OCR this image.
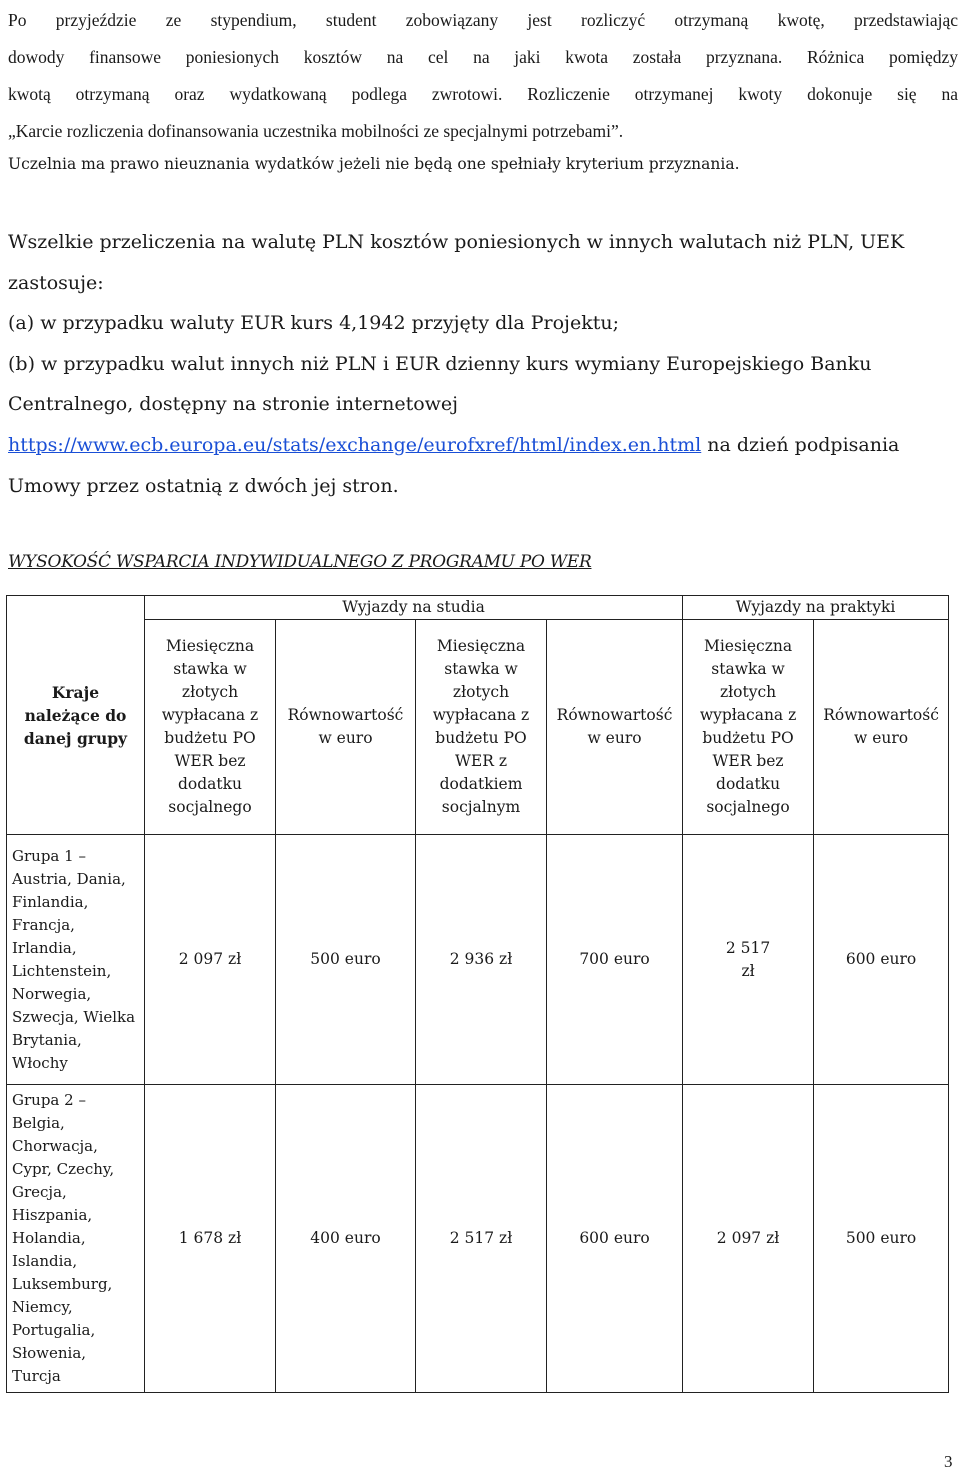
Po przyjeździe ze stypendium, student zobowiązany jest rozliczyć otrzymaną kwotę, przedstawiając

dowody finansowe poniesionych kosztów na cel na jaki kwota została przyznana. Różnica pomiędzy

kwotą otrzymaną oraz wydatkowaną podlega zwrotowi. Rozliczenie otrzymanej kwoty dokonuje się na

„Karcie rozliczenia dofinansowania uczestnika mobilności ze specjalnymi potrzebami”.

Uczelnia ma prawo nieuznania wydatków jeżeli nie będą one spełniały kryterium przyznania.

Wszelkie przeliczenia na walutę PLN kosztów poniesionych w innych walutach niż PLN, UEK zastosuje:

(a) w przypadku waluty EUR kurs 4,1942 przyjęty dla Projektu;

(b) w przypadku walut innych niż PLN i EUR dzienny kurs wymiany Europejskiego Banku Centralnego, dostępny na stronie internetowej https://www.ecb.europa.eu/stats/exchange/eurofxref/html/index.en.html na dzień podpisania Umowy przez ostatnią z dwóch jej stron.

WYSOKOŚĆ WSPARCIA INDYWIDUALNEGO Z PROGRAMU PO WER
Kraje należące do danej grupy	Wyjazdy na studia				Wyjazdy na praktyki	
	Miesięczna stawka w złotych wypłacana z budżetu PO WER bez dodatku socjalnego	Równowartość w euro	Miesięczna stawka w złotych wypłacana z budżetu PO WER z dodatkiem socjalnym	Równowartość w euro	Miesięczna stawka w złotych wypłacana z budżetu PO WER bez dodatku socjalnego	Równowartość w euro
Grupa 1 – Austria, Dania, Finlandia, Francja, Irlandia, Lichtenstein, Norwegia, Szwecja, Wielka Brytania, Włochy	2 097 zł	500 euro	2 936 zł	700 euro	2 517 zł	600 euro
Grupa 2 – Belgia, Chorwacja, Cypr, Czechy, Grecja, Hiszpania, Holandia, Islandia, Luksemburg, Niemcy, Portugalia, Słowenia, Turcja	1 678 zł	400 euro	2 517 zł	600 euro	2 097 zł	500 euro
3
